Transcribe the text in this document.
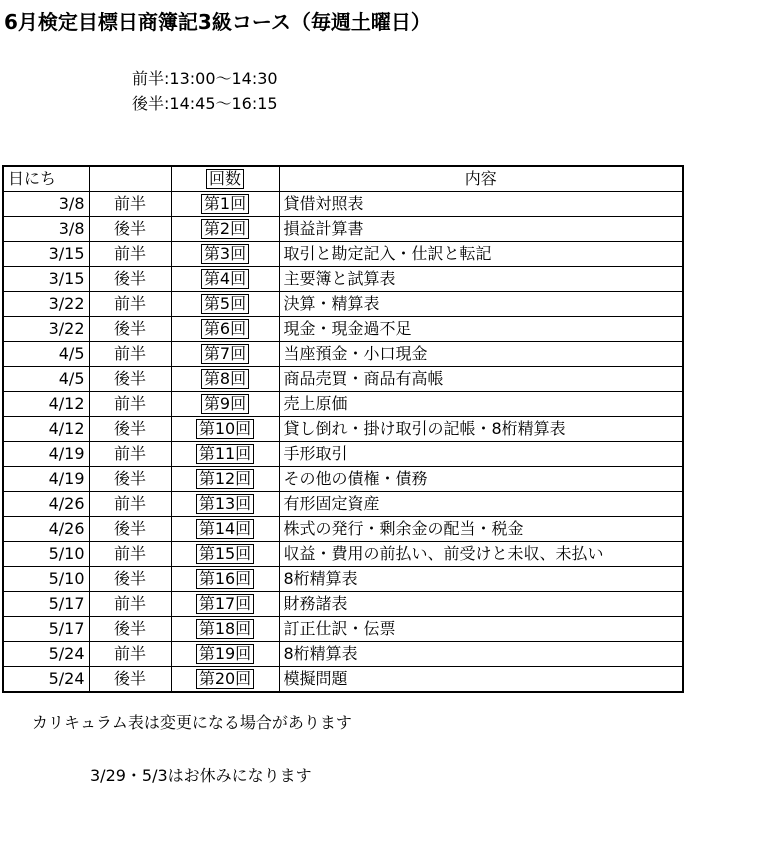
6月検定目標日商簿記3級コース（毎週土曜日）
前半:13:00～14:30
後半:14:45～16:15
日にち		回数	内容
3/8	前半	第1回	貸借対照表
3/8	後半	第2回	損益計算書
3/15	前半	第3回	取引と勘定記入・仕訳と転記
3/15	後半	第4回	主要簿と試算表
3/22	前半	第5回	決算・精算表
3/22	後半	第6回	現金・現金過不足
4/5	前半	第7回	当座預金・小口現金
4/5	後半	第8回	商品売買・商品有高帳
4/12	前半	第9回	売上原価
4/12	後半	第10回	貸し倒れ・掛け取引の記帳・8桁精算表
4/19	前半	第11回	手形取引
4/19	後半	第12回	その他の債権・債務
4/26	前半	第13回	有形固定資産
4/26	後半	第14回	株式の発行・剰余金の配当・税金
5/10	前半	第15回	収益・費用の前払い、前受けと未収、未払い
5/10	後半	第16回	8桁精算表
5/17	前半	第17回	財務諸表
5/17	後半	第18回	訂正仕訳・伝票
5/24	前半	第19回	8桁精算表
5/24	後半	第20回	模擬問題
カリキュラム表は変更になる場合があります
3/29・5/3はお休みになります
